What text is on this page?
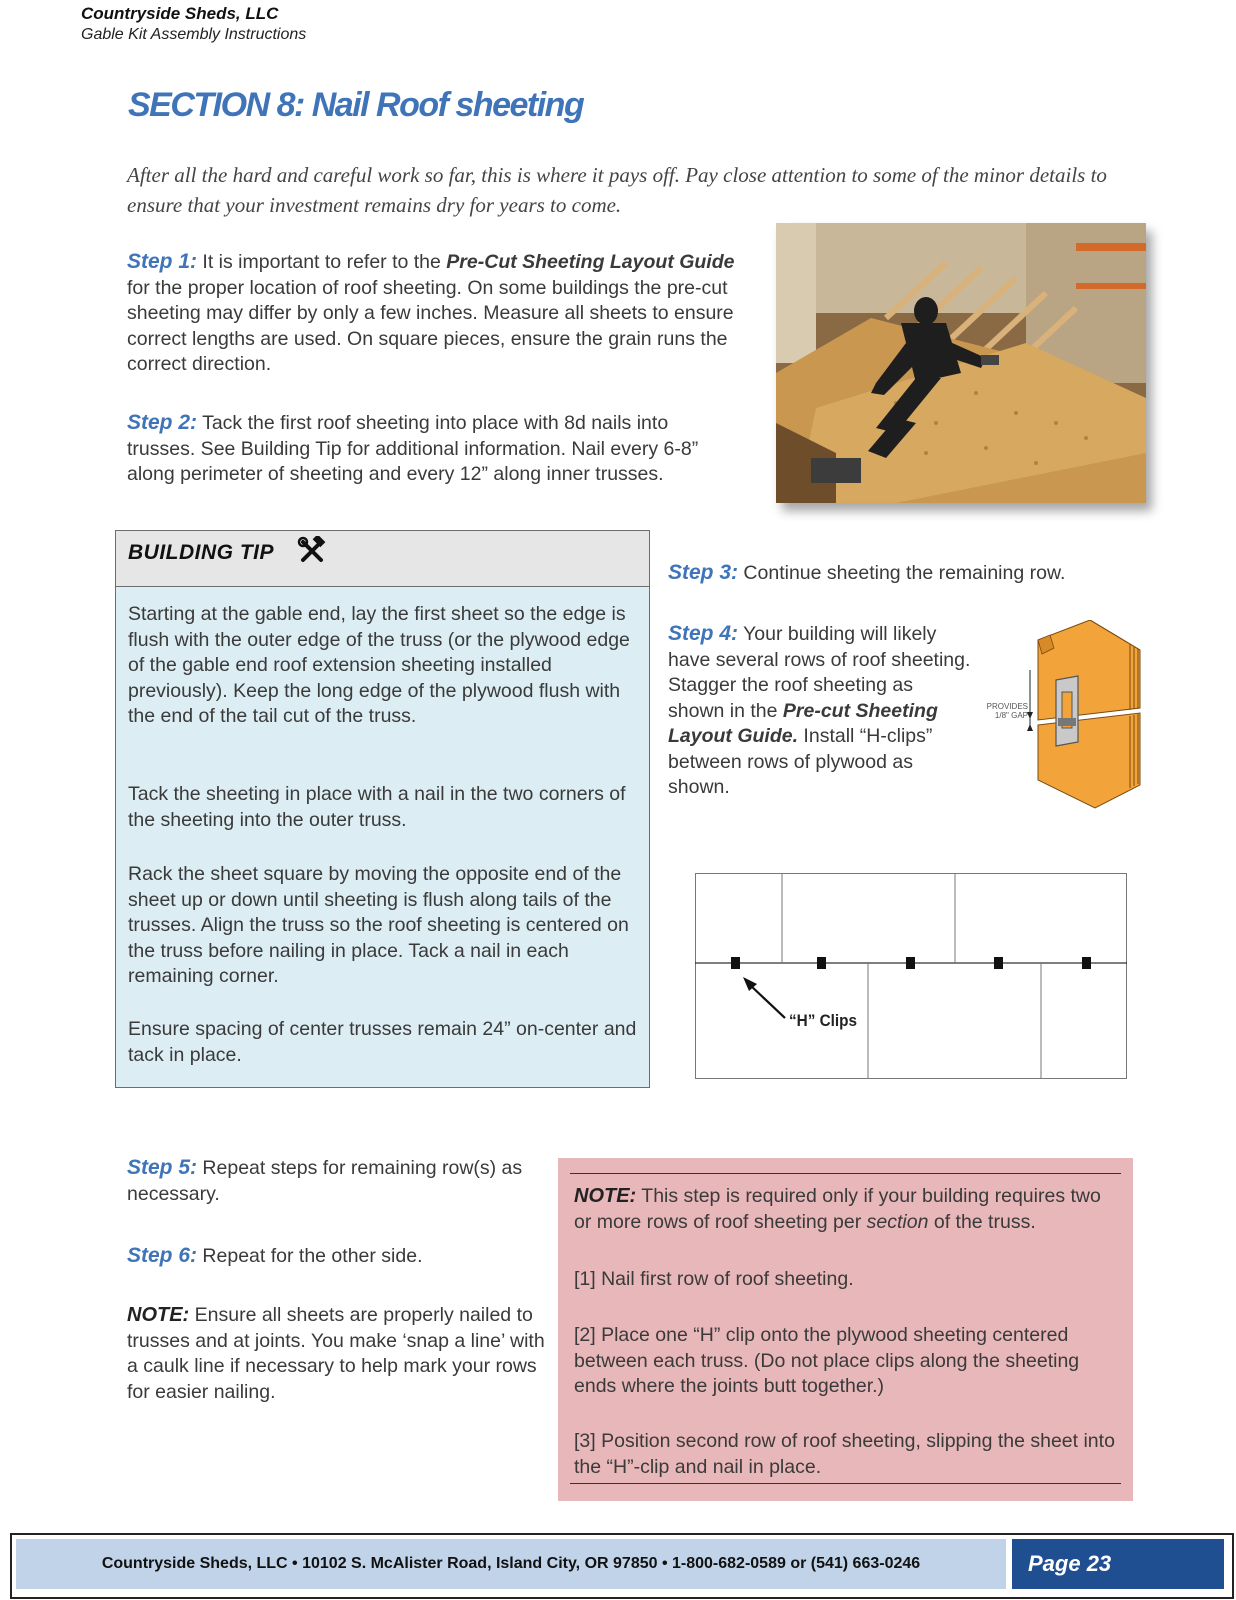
Countryside Sheds, LLC
Gable Kit Assembly Instructions
SECTION 8: Nail Roof sheeting
After all the hard and careful work so far, this is where it pays off. Pay close attention to some of the minor details to ensure that your investment remains dry for years to come.
Step 1: It is important to refer to the Pre-Cut Sheeting Layout Guide for the proper location of roof sheeting. On some buildings the pre-cut sheeting may differ by only a few inches. Measure all sheets to ensure correct lengths are used. On square pieces, ensure the grain runs the correct direction.
Step 2: Tack the first roof sheeting into place with 8d nails into trusses. See Building Tip for additional information. Nail every 6-8” along perimeter of sheeting and every 12” along inner trusses.
BUILDING TIP
Starting at the gable end, lay the first sheet so the edge is flush with the outer edge of the truss (or the plywood edge of the gable end roof extension sheeting installed previously). Keep the long edge of the plywood flush with the end of the tail cut of the truss.
Tack the sheeting in place with a nail in the two corners of the sheeting into the outer truss.
Rack the sheet square by moving the opposite end of the sheet up or down until sheeting is flush along tails of the trusses. Align the truss so the roof sheeting is centered on the truss before nailing in place. Tack a nail in each remaining corner.
Ensure spacing of center trusses remain 24” on-center and tack in place.
Step 3: Continue sheeting the remaining row.
Step 4: Your building will likely have several rows of roof sheeting. Stagger the roof sheeting as shown in the Pre-cut Sheeting Layout Guide. Install “H-clips” between rows of plywood as shown.
PROVIDES
1/8" GAP
“H” Clips
Step 5: Repeat steps for remaining row(s) as necessary.
Step 6: Repeat for the other side.
NOTE: Ensure all sheets are properly nailed to trusses and at joints. You make ‘snap a line’ with a caulk line if necessary to help mark your rows for easier nailing.
NOTE: This step is required only if your building requires two or more rows of roof sheeting per section of the truss.
[1] Nail first row of roof sheeting.
[2] Place one “H” clip onto the plywood sheeting centered between each truss. (Do not place clips along the sheeting ends where the joints butt together.)
[3] Position second row of roof sheeting, slipping the sheet into the “H”-clip and nail in place.
Countryside Sheds, LLC • 10102 S. McAlister Road, Island City, OR 97850 • 1-800-682-0589 or (541) 663-0246	Page 23
